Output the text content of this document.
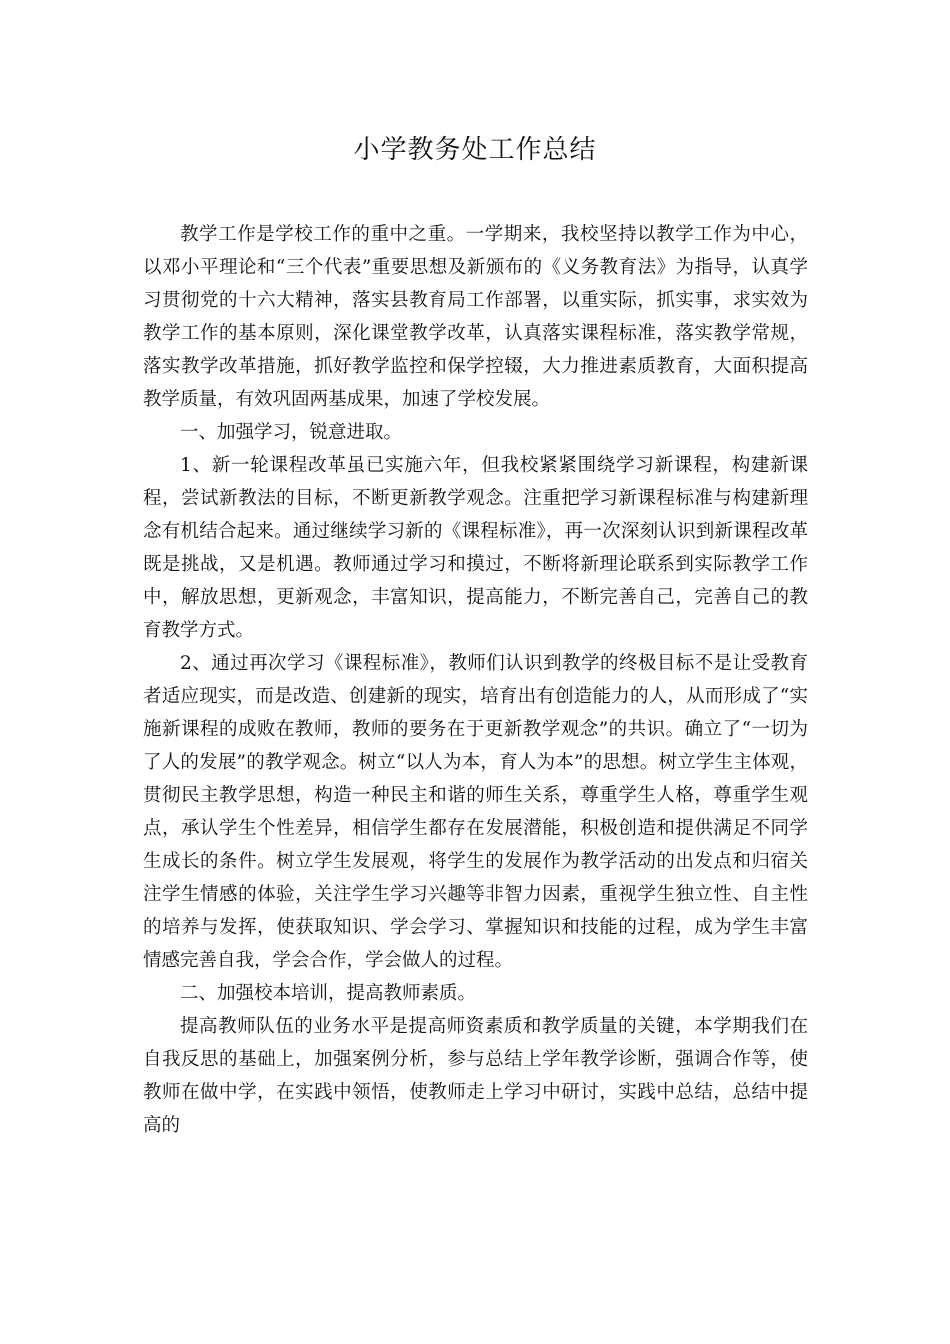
小学教务处工作总结

教学工作是学校工作的重中之重。一学期来，我校坚持以教学工作为中心，以邓小平理论和“三个代表”重要思想及新颁布的《义务教育法》为指导，认真学习贯彻党的十六大精神，落实县教育局工作部署，以重实际，抓实事，求实效为教学工作的基本原则，深化课堂教学改革，认真落实课程标准，落实教学常规，落实教学改革措施，抓好教学监控和保学控辍，大力推进素质教育，大面积提高教学质量，有效巩固两基成果，加速了学校发展。

一、加强学习，锐意进取。

1、新一轮课程改革虽已实施六年，但我校紧紧围绕学习新课程，构建新课程，尝试新教法的目标，不断更新教学观念。注重把学习新课程标准与构建新理念有机结合起来。通过继续学习新的《课程标准》，再一次深刻认识到新课程改革既是挑战，又是机遇。教师通过学习和摸过，不断将新理论联系到实际教学工作中，解放思想，更新观念，丰富知识，提高能力，不断完善自己，完善自己的教育教学方式。

2、通过再次学习《课程标准》，教师们认识到教学的终极目标不是让受教育者适应现实，而是改造、创建新的现实，培育出有创造能力的人，从而形成了“实施新课程的成败在教师，教师的要务在于更新教学观念”的共识。确立了“一切为了人的发展”的教学观念。树立“以人为本，育人为本”的思想。树立学生主体观，贯彻民主教学思想，构造一种民主和谐的师生关系，尊重学生人格，尊重学生观点，承认学生个性差异，相信学生都存在发展潜能，积极创造和提供满足不同学生成长的条件。树立学生发展观，将学生的发展作为教学活动的出发点和归宿关注学生情感的体验，关注学生学习兴趣等非智力因素，重视学生独立性、自主性的培养与发挥，使获取知识、学会学习、掌握知识和技能的过程，成为学生丰富情感完善自我，学会合作，学会做人的过程。

二、加强校本培训，提高教师素质。

提高教师队伍的业务水平是提高师资素质和教学质量的关键，本学期我们在自我反思的基础上，加强案例分析，参与总结上学年教学诊断，强调合作等，使教师在做中学，在实践中领悟，使教师走上学习中研讨，实践中总结，总结中提高的
